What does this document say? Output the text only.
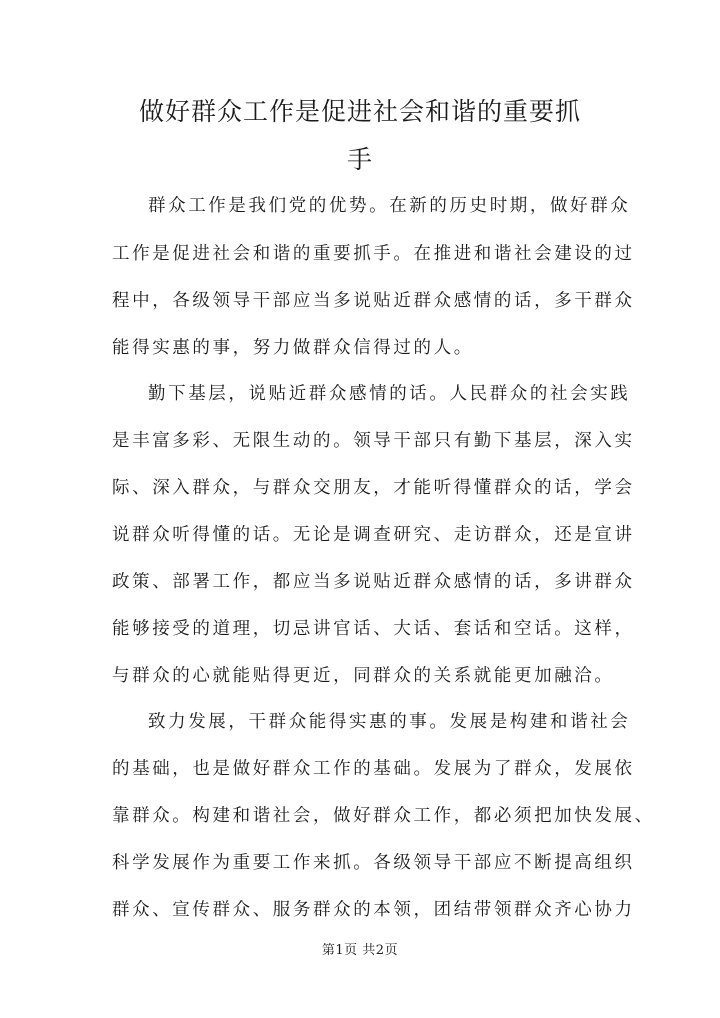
做好群众工作是促进社会和谐的重要抓
手

群众工作是我们党的优势。在新的历史时期，做好群众

工作是促进社会和谐的重要抓手。在推进和谐社会建设的过

程中，各级领导干部应当多说贴近群众感情的话，多干群众

能得实惠的事，努力做群众信得过的人。

勤下基层，说贴近群众感情的话。人民群众的社会实践

是丰富多彩、无限生动的。领导干部只有勤下基层，深入实

际、深入群众，与群众交朋友，才能听得懂群众的话，学会

说群众听得懂的话。无论是调查研究、走访群众，还是宣讲

政策、部署工作，都应当多说贴近群众感情的话，多讲群众

能够接受的道理，切忌讲官话、大话、套话和空话。这样，

与群众的心就能贴得更近，同群众的关系就能更加融洽。

致力发展，干群众能得实惠的事。发展是构建和谐社会

的基础，也是做好群众工作的基础。发展为了群众，发展依

靠群众。构建和谐社会，做好群众工作，都必须把加快发展、

科学发展作为重要工作来抓。各级领导干部应不断提高组织

群众、宣传群众、服务群众的本领，团结带领群众齐心协力

第1页 共2页
